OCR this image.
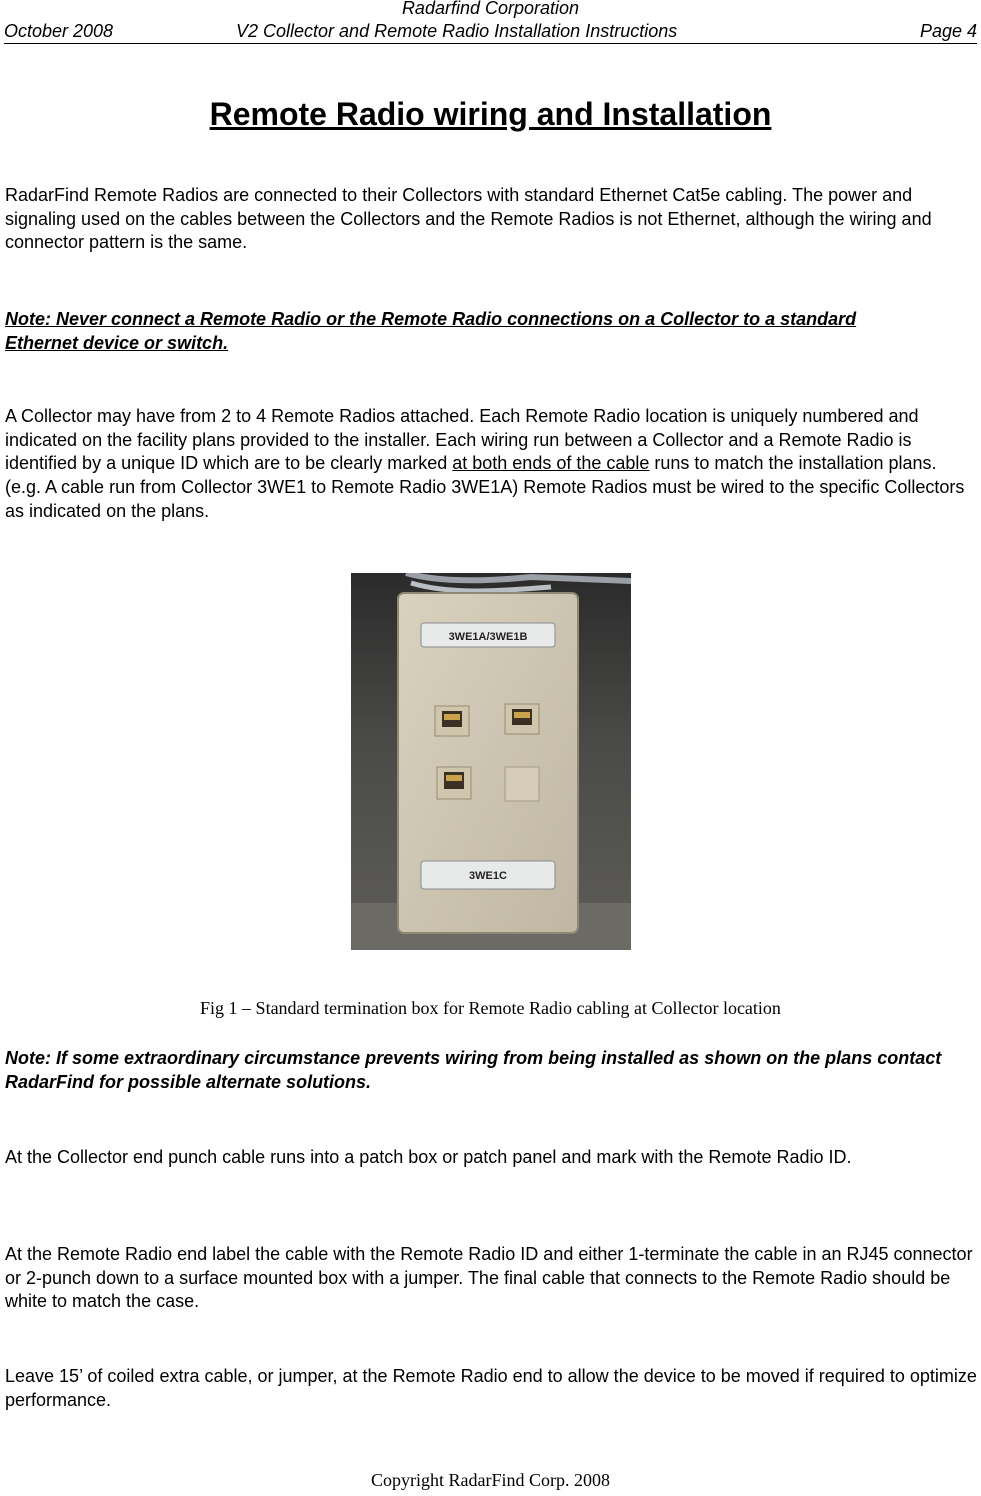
Radarfind Corporation
October 2008	V2 Collector and Remote Radio Installation Instructions	Page 4
Remote Radio wiring and Installation

RadarFind Remote Radios are connected to their Collectors with standard Ethernet Cat5e cabling. The power and signaling used on the cables between the Collectors and the Remote Radios is not Ethernet, although the wiring and connector pattern is the same.

Note: Never connect a Remote Radio or the Remote Radio connections on a Collector to a standard Ethernet device or switch.

A Collector may have from 2 to 4 Remote Radios attached. Each Remote Radio location is uniquely numbered and indicated on the facility plans provided to the installer. Each wiring run between a Collector and a Remote Radio is identified by a unique ID which are to be clearly marked at both ends of the cable runs to match the installation plans. (e.g. A cable run from Collector 3WE1 to Remote Radio 3WE1A) Remote Radios must be wired to the specific Collectors as indicated on the plans.

3WE1A/3WE1B
3WE1C
Fig 1 – Standard termination box for Remote Radio cabling at Collector location

Note: If some extraordinary circumstance prevents wiring from being installed as shown on the plans contact RadarFind for possible alternate solutions.

At the Collector end punch cable runs into a patch box or patch panel and mark with the Remote Radio ID.

At the Remote Radio end label the cable with the Remote Radio ID and either 1-terminate the cable in an RJ45 connector or 2-punch down to a surface mounted box with a jumper. The final cable that connects to the Remote Radio should be white to match the case.

Leave 15’ of coiled extra cable, or jumper, at the Remote Radio end to allow the device to be moved if required to optimize performance.

Copyright RadarFind Corp. 2008
